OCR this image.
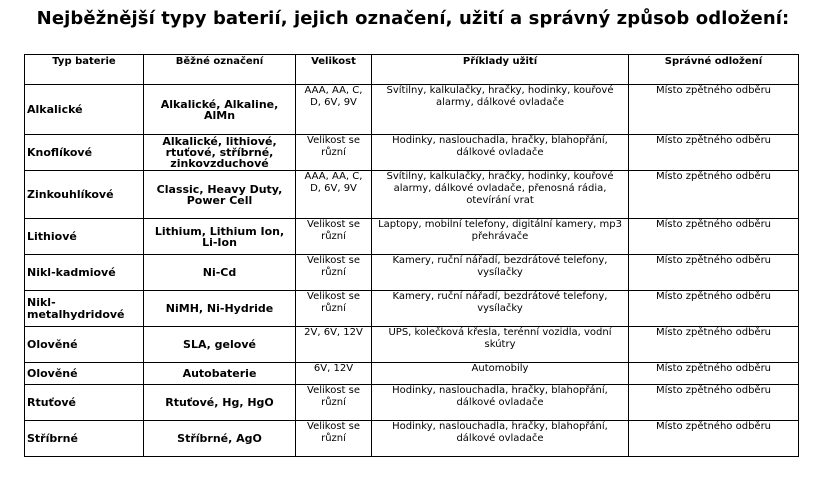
Nejběžnější typy baterií, jejich označení, užití a správný způsob odložení:
Typ baterie	Běžné označení	Velikost	Příklady užití	Správné odložení
Alkalické	Alkalické, Alkaline, AlMn	AAA, AA, C, D, 6V, 9V	Svítilny, kalkulačky, hračky, hodinky, kouřové alarmy, dálkové ovladače	Místo zpětného odběru
Knoflíkové	Alkalické, lithiové, rtuťové, stříbrné, zinkovzduchové	Velikost se různí	Hodinky, naslouchadla, hračky, blahopřání, dálkové ovladače	Místo zpětného odběru
Zinkouhlíkové	Classic, Heavy Duty, Power Cell	AAA, AA, C, D, 6V, 9V	Svítilny, kalkulačky, hračky, hodinky, kouřové alarmy, dálkové ovladače, přenosná rádia, otevírání vrat	Místo zpětného odběru
Lithiové	Lithium, Lithium Ion, Li-Ion	Velikost se různí	Laptopy, mobilní telefony, digitální kamery, mp3 přehrávače	Místo zpětného odběru
Nikl-kadmiové	Ni-Cd	Velikost se různí	Kamery, ruční nářadí, bezdrátové telefony, vysílačky	Místo zpětného odběru
Nikl-metalhydridové	NiMH, Ni-Hydride	Velikost se různí	Kamery, ruční nářadí, bezdrátové telefony, vysílačky	Místo zpětného odběru
Olověné	SLA, gelové	2V, 6V, 12V	UPS, kolečková křesla, terénní vozidla, vodní skútry	Místo zpětného odběru
Olověné	Autobaterie	6V, 12V	Automobily	Místo zpětného odběru
Rtuťové	Rtuťové, Hg, HgO	Velikost se různí	Hodinky, naslouchadla, hračky, blahopřání, dálkové ovladače	Místo zpětného odběru
Stříbrné	Stříbrné, AgO	Velikost se různí	Hodinky, naslouchadla, hračky, blahopřání, dálkové ovladače	Místo zpětného odběru
